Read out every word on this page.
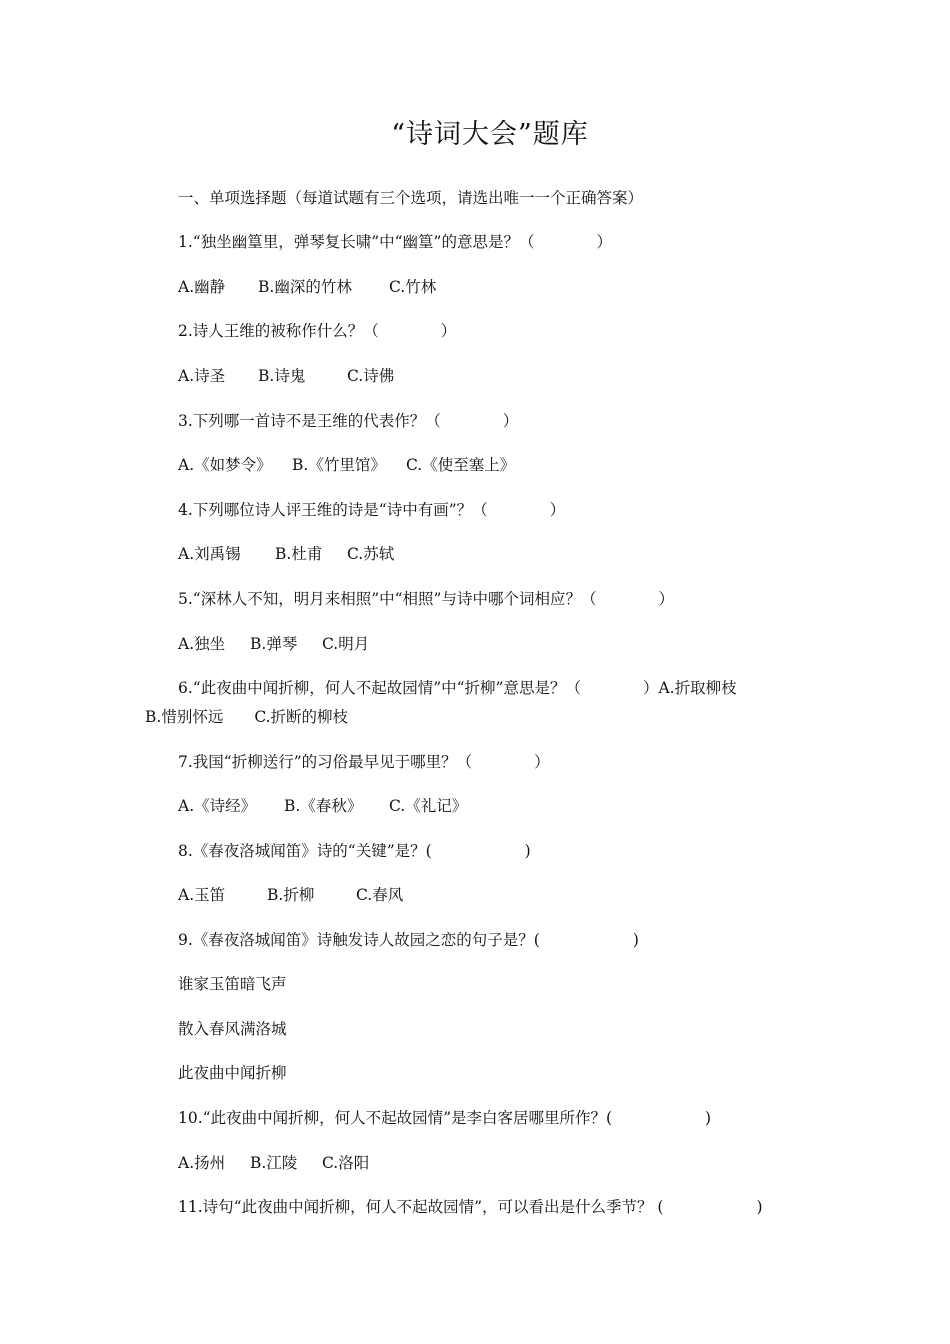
“诗词大会”题库
一、单项选择题（每道试题有三个选项，请选出唯一一个正确答案）
1.“独坐幽篁里，弹琴复长啸”中“幽篁”的意思是？（　　　　）
A.幽静 B.幽深的竹林 C.竹林
2.诗人王维的被称作什么？（　　　　）
A.诗圣 B.诗鬼	C.诗佛
3.下列哪一首诗不是王维的代表作？（　　　　）
A.《如梦令》 B.《竹里馆》 C.《使至塞上》
4.下列哪位诗人评王维的诗是“诗中有画”？（　　　　）
A.刘禹锡 B.杜甫 C.苏轼
5.“深林人不知，明月来相照”中“相照”与诗中哪个词相应？（　　　　）
A.独坐 B.弹琴 C.明月
6.“此夜曲中闻折柳，何人不起故园情”中“折柳”意思是？（　　　　）A.折取柳枝
B.惜别怀远　　C.折断的柳枝
7.我国“折柳送行”的习俗最早见于哪里？（　　　　）
A.《诗经》 B.《春秋》 C.《礼记》
8.《春夜洛城闻笛》诗的“关键”是？(　　　　　　)
A.玉笛	B.折柳	C.春风
9.《春夜洛城闻笛》诗触发诗人故园之恋的句子是？(　　　　　　)
谁家玉笛暗飞声
散入春风满洛城
此夜曲中闻折柳
10.“此夜曲中闻折柳，何人不起故园情”是李白客居哪里所作？(　　　　　　)
A.扬州 B.江陵 C.洛阳
11.诗句“此夜曲中闻折柳，何人不起故园情”，可以看出是什么季节？ (　　　　　　)
